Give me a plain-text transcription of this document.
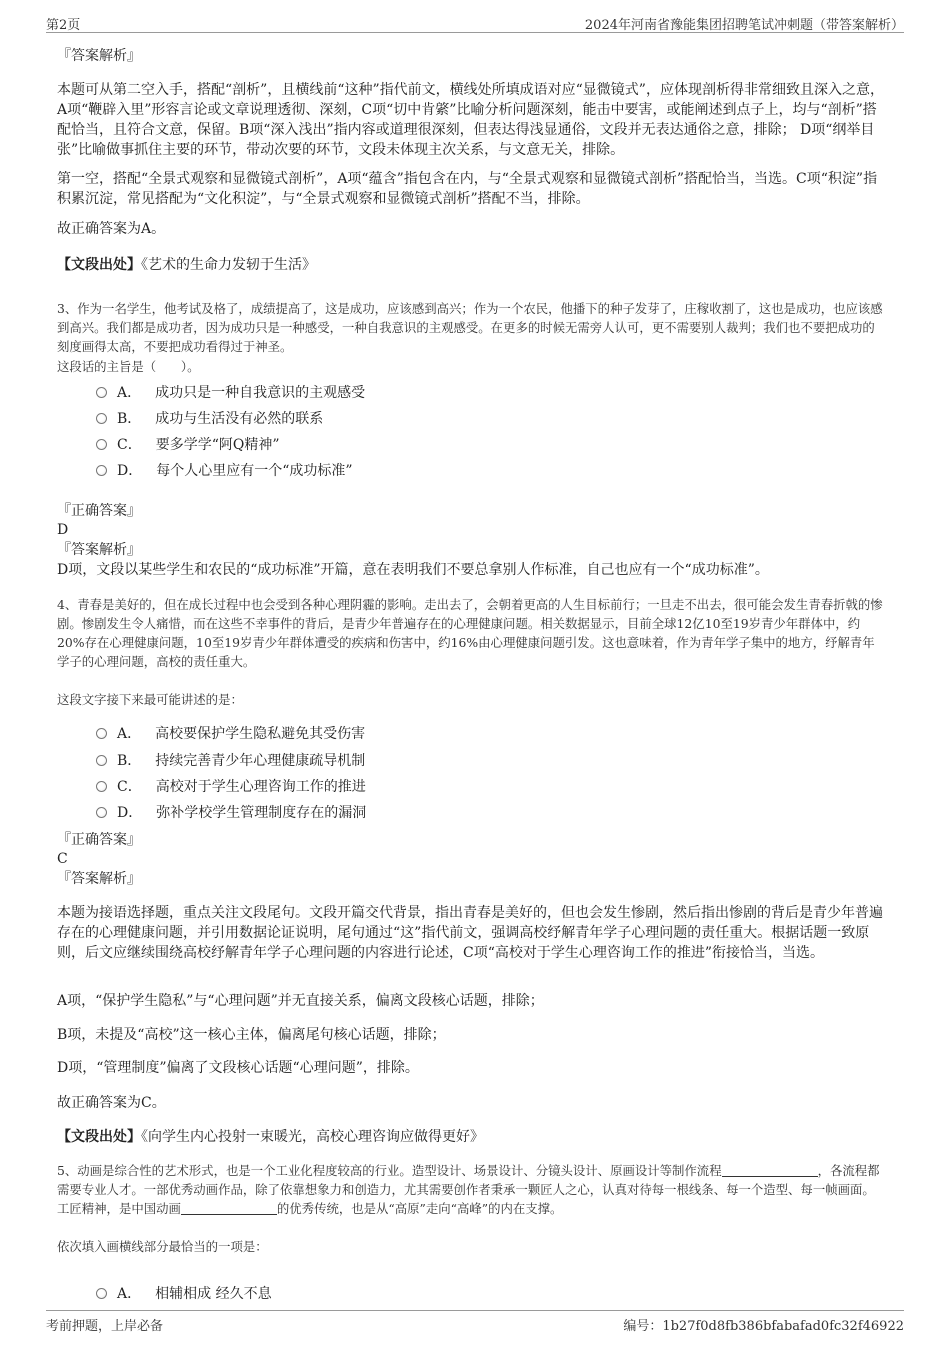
第2页	2024年河南省豫能集团招聘笔试冲刺题（带答案解析）
『答案解析』
本题可从第二空入手，搭配“剖析”，且横线前“这种”指代前文，横线处所填成语对应“显微镜式”，应体现剖析得非常细致且深入之意，A项“鞭辟入里”形容言论或文章说理透彻、深刻，C项“切中肯綮”比喻分析问题深刻，能击中要害，或能阐述到点子上，均与“剖析”搭配恰当，且符合文意，保留。B项“深入浅出”指内容或道理很深刻，但表达得浅显通俗，文段并无表达通俗之意，排除； D项“纲举目张”比喻做事抓住主要的环节，带动次要的环节，文段未体现主次关系，与文意无关，排除。
第一空，搭配“全景式观察和显微镜式剖析”，A项“蕴含”指包含在内，与“全景式观察和显微镜式剖析”搭配恰当，当选。C项“积淀”指积累沉淀，常见搭配为“文化积淀”，与“全景式观察和显微镜式剖析”搭配不当，排除。
故正确答案为A。
【文段出处】《艺术的生命力发轫于生活》
3、作为一名学生，他考试及格了，成绩提高了，这是成功，应该感到高兴；作为一个农民，他播下的种子发芽了，庄稼收割了，这也是成功，也应该感到高兴。我们都是成功者，因为成功只是一种感受，一种自我意识的主观感受。在更多的时候无需旁人认可，更不需要别人裁判；我们也不要把成功的刻度画得太高，不要把成功看得过于神圣。
这段话的主旨是（　　）。
A． 成功只是一种自我意识的主观感受
B． 成功与生活没有必然的联系
C． 要多学学“阿Q精神”
D． 每个人心里应有一个“成功标准”
『正确答案』
D
『答案解析』
D项，文段以某些学生和农民的“成功标准”开篇，意在表明我们不要总拿别人作标准，自己也应有一个“成功标准”。
4、青春是美好的，但在成长过程中也会受到各种心理阴霾的影响。走出去了，会朝着更高的人生目标前行；一旦走不出去，很可能会发生青春折戟的惨剧。惨剧发生令人痛惜，而在这些不幸事件的背后，是青少年普遍存在的心理健康问题。相关数据显示，目前全球12亿10至19岁青少年群体中，约20%存在心理健康问题，10至19岁青少年群体遭受的疾病和伤害中，约16%由心理健康问题引发。这也意味着，作为青年学子集中的地方，纾解青年学子的心理问题，高校的责任重大。
这段文字接下来最可能讲述的是：
A． 高校要保护学生隐私避免其受伤害
B． 持续完善青少年心理健康疏导机制
C． 高校对于学生心理咨询工作的推进
D． 弥补学校学生管理制度存在的漏洞
『正确答案』
C
『答案解析』
本题为接语选择题，重点关注文段尾句。文段开篇交代背景，指出青春是美好的，但也会发生惨剧，然后指出惨剧的背后是青少年普遍存在的心理健康问题，并引用数据论证说明，尾句通过“这”指代前文，强调高校纾解青年学子心理问题的责任重大。根据话题一致原则，后文应继续围绕高校纾解青年学子心理问题的内容进行论述，C项“高校对于学生心理咨询工作的推进”衔接恰当，当选。
A项，“保护学生隐私”与“心理问题”并无直接关系，偏离文段核心话题，排除；
B项，未提及“高校”这一核心主体，偏离尾句核心话题，排除；
D项，“管理制度”偏离了文段核心话题“心理问题”，排除。
故正确答案为C。
【文段出处】《向学生内心投射一束暖光，高校心理咨询应做得更好》
5、动画是综合性的艺术形式，也是一个工业化程度较高的行业。造型设计、场景设计、分镜头设计、原画设计等制作流程	，各流程都需要专业人才。一部优秀动画作品，除了依靠想象力和创造力，尤其需要创作者秉承一颗匠人之心，认真对待每一根线条、每一个造型、每一帧画面。工匠精神，是中国动画	的优秀传统，也是从“高原”走向“高峰”的内在支撑。
依次填入画横线部分最恰当的一项是：
A． 相辅相成 经久不息
考前押题，上岸必备	编号：1b27f0d8fb386bfabafad0fc32f46922
